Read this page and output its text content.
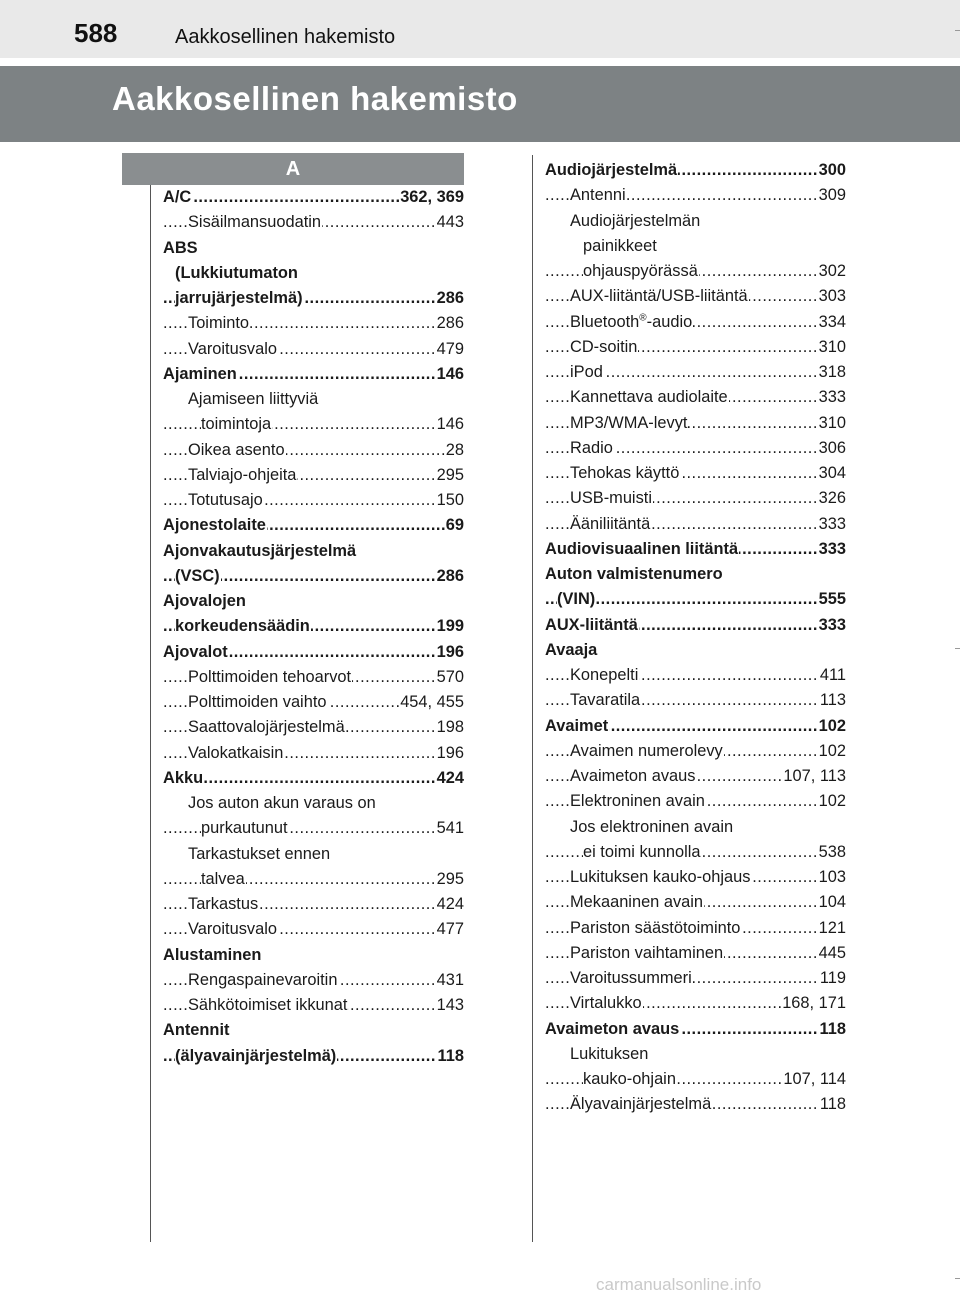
588	Aakkosellinen hakemisto
Aakkosellinen hakemisto
A
..... A/C	362, 369
..... Sisäilmansuodatin	443
ABS
(Lukkiutumaton
..... jarrujärjestelmä)	286
..... Toiminto	286
..... Varoitusvalo	479
..... Ajaminen	146
Ajamiseen liittyviä
..... toimintoja	146
..... Oikea asento	28
..... Talviajo-ohjeita	295
..... Totutusajo	150
..... Ajonestolaite	69
Ajonvakautusjärjestelmä
..... (VSC)	286
Ajovalojen
..... korkeudensäädin	199
..... Ajovalot	196
..... Polttimoiden tehoarvot	570
..... Polttimoiden vaihto	454, 455
..... Saattovalojärjestelmä	198
..... Valokatkaisin	196
..... Akku	424
Jos auton akun varaus on
..... purkautunut	541
Tarkastukset ennen
..... talvea	295
..... Tarkastus	424
..... Varoitusvalo	477
Alustaminen
..... Rengaspainevaroitin	431
..... Sähkötoimiset ikkunat	143
Antennit
..... (älyavainjärjestelmä)	118
..... Audiojärjestelmä	300
..... Antenni	309
Audiojärjestelmän
painikkeet
..... ohjauspyörässä	302
..... AUX-liitäntä/USB-liitäntä	303
..... Bluetooth®-audio	334
..... CD-soitin	310
..... iPod	318
..... Kannettava audiolaite	333
..... MP3/WMA-levyt	310
..... Radio	306
..... Tehokas käyttö	304
..... USB-muisti	326
..... Ääniliitäntä	333
..... Audiovisuaalinen liitäntä	333
Auton valmistenumero
..... (VIN)	555
..... AUX-liitäntä	333
Avaaja
..... Konepelti	411
..... Tavaratila	113
..... Avaimet	102
..... Avaimen numerolevy	102
..... Avaimeton avaus	107, 113
..... Elektroninen avain	102
Jos elektroninen avain
..... ei toimi kunnolla	538
..... Lukituksen kauko-ohjaus	103
..... Mekaaninen avain	104
..... Pariston säästötoiminto	121
..... Pariston vaihtaminen	445
..... Varoitussummeri	119
..... Virtalukko	168, 171
..... Avaimeton avaus	118
Lukituksen
..... kauko-ohjain	107, 114
..... Älyavainjärjestelmä	118
carmanualsonline.info
